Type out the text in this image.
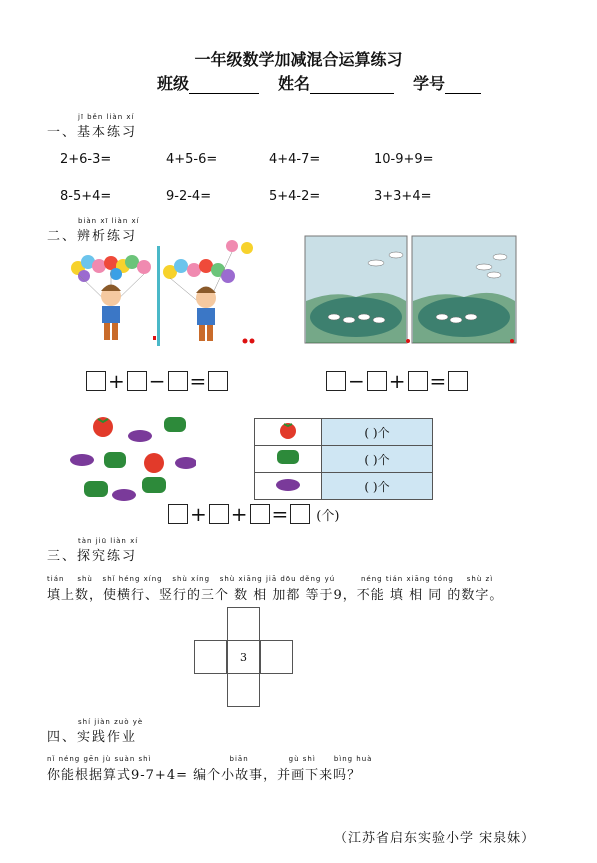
一年级数学加减混合运算练习
班级	姓名	学号
jī běn liàn xí
一、基本练习
2+6-3=	4+5-6=	4+4-7=	10-9+9=
8-5+4=	9-2-4=	5+4-2=	3+3+4=
biàn xī liàn xí
二、辨析练习
+ − =	− + =
	( )个
	( )个
	( )个
+ + = (个)
tàn jiū liàn xí
三、探究练习
tián shù shǐ héng xíng shù xíng shù xiāng jiā dōu děng yú	néng tián xiāng tóng shù zì
填上数，使横行、竖行的三个 数 相 加都 等于9，不能 填 相 同 的数字。
3
shí jiàn zuò yè
四、实践作业
nǐ néng gēn jù suàn shì	biān	gù shì	bìng huà
你能根据算式9-7+4= 编个小故事，并画下来吗？
（江苏省启东实验小学 宋泉妹）
